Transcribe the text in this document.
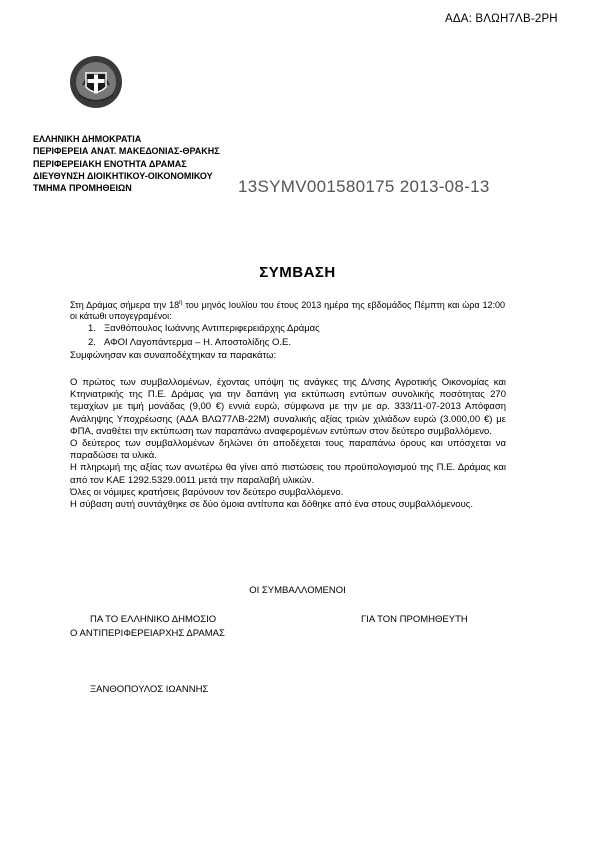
ΑΔΑ: ΒΛΩΗ7ΛΒ-2ΡΗ
ΕΛΛΗΝΙΚΗ ΔΗΜΟΚΡΑΤΙΑ
ΠΕΡΙΦΕΡΕΙΑ ΑΝΑΤ. ΜΑΚΕΔΟΝΙΑΣ-ΘΡΑΚΗΣ
ΠΕΡΙΦΕΡΕΙΑΚΗ ΕΝΟΤΗΤΑ ΔΡΑΜΑΣ
ΔΙΕΥΘΥΝΣΗ ΔΙΟΙΚΗΤΙΚΟΥ-ΟΙΚΟΝΟΜΙΚΟΥ
ΤΜΗΜΑ ΠΡΟΜΗΘΕΙΩΝ	13SYMV001580175 2013-08-13
ΣΥΜΒΑΣΗ
Στη Δράμας σήμερα την $18^\eta$ του μηνός Ιουλίου του έτους 2013 ημέρα της εβδομάδος Πέμπτη και ώρα 12:00 οι κάτωθι υπογεγραμένοι:
1. Ξανθόπουλος Ιωάννης Αντιπεριφερειάρχης Δράμας
2. ΑΦΟΙ Λαγοπάντερμα – Η. Αποστολίδης Ο.Ε.
Συμφώνησαν και συναποδέχτηκαν τα παρακάτω:

Ο πρώτος των συμβαλλομένων, έχοντας υπόψη τις ανάγκες της Δ/νσης Αγροτικής Οικονομίας και Κτηνιατρικής της Π.Ε. Δράμας για την δαπάνη για εκτύπωση εντύπων συνολικής ποσότητας 270 τεμαχίων με τιμή μονάδας (9,00 €) εννιά ευρώ, σύμφωνα με την με αρ. 333/11-07-2013 Απόφαση Ανάληψης Υποχρέωσης (ΑΔΑ ΒΛΩ77ΛΒ-22Μ) συναλικής αξίας τριών χιλιάδων ευρώ (3.000,00 €) με ΦΠΑ, αναθέτει την εκτύπωση των παραπάνω αναφερομένων εντύπων στον δεύτερο συμβαλλόμενο.

Ο δεύτερος των συμβαλλομένων δηλώνει ότι αποδέχεται τους παραπάνω όρους και υπόσχεται να παραδώσει τα υλικά.

Η πληρωμή της αξίας των ανωτέρω θα γίνει από πιστώσεις του προϋπολογισμού της Π.Ε. Δράμας και από τον ΚΑΕ 1292.5329.0011 μετά την παραλαβή υλικών.

Όλες οι νόμιμες κρατήσεις βαρύνουν τον δεύτερο συμβαλλόμενο.

Η σύβαση αυτή συντάχθηκε σε δύο όμοια αντίτυπα και δόθηκε από ένα στους συμβαλλόμενους.

ΟΙ ΣΥΜΒΑΛΛΟΜΕΝΟΙ
ΠΑ ΤΟ ΕΛΛΗΝΙΚΟ ΔΗΜΟΣΙΟ
Ο ΑΝΤΙΠΕΡΙΦΕΡΕΙΑΡΧΗΣ ΔΡΑΜΑΣ
ΓΙΑ ΤΟΝ ΠΡΟΜΗΘΕΥΤΗ
ΞΑΝΘΟΠΟΥΛΟΣ ΙΩΑΝΝΗΣ
